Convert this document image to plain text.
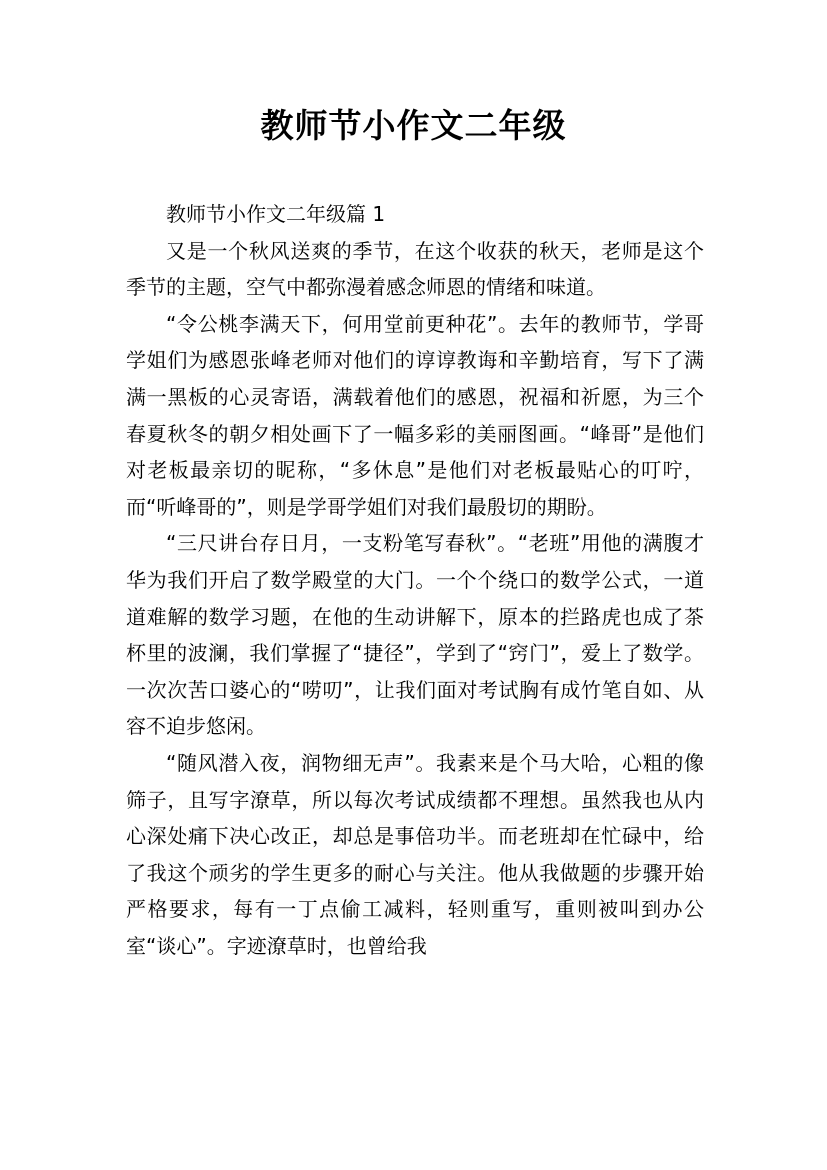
教师节小作文二年级

教师节小作文二年级篇 1

又是一个秋风送爽的季节，在这个收获的秋天，老师是这个季节的主题，空气中都弥漫着感念师恩的情绪和味道。

“令公桃李满天下，何用堂前更种花”。去年的教师节，学哥学姐们为感恩张峰老师对他们的谆谆教诲和辛勤培育，写下了满满一黑板的心灵寄语，满载着他们的感恩，祝福和祈愿，为三个春夏秋冬的朝夕相处画下了一幅多彩的美丽图画。“峰哥”是他们对老板最亲切的昵称，“多休息”是他们对老板最贴心的叮咛，而“听峰哥的”，则是学哥学姐们对我们最殷切的期盼。

“三尺讲台存日月，一支粉笔写春秋”。“老班”用他的满腹才华为我们开启了数学殿堂的大门。一个个绕口的数学公式，一道道难解的数学习题，在他的生动讲解下，原本的拦路虎也成了茶杯里的波澜，我们掌握了“捷径”，学到了“窍门”，爱上了数学。一次次苦口婆心的“唠叨”，让我们面对考试胸有成竹笔自如、从容不迫步悠闲。

“随风潜入夜，润物细无声”。我素来是个马大哈，心粗的像筛子，且写字潦草，所以每次考试成绩都不理想。虽然我也从内心深处痛下决心改正，却总是事倍功半。而老班却在忙碌中，给了我这个顽劣的学生更多的耐心与关注。他从我做题的步骤开始严格要求，每有一丁点偷工减料，轻则重写，重则被叫到办公室“谈心”。字迹潦草时，也曾给我
